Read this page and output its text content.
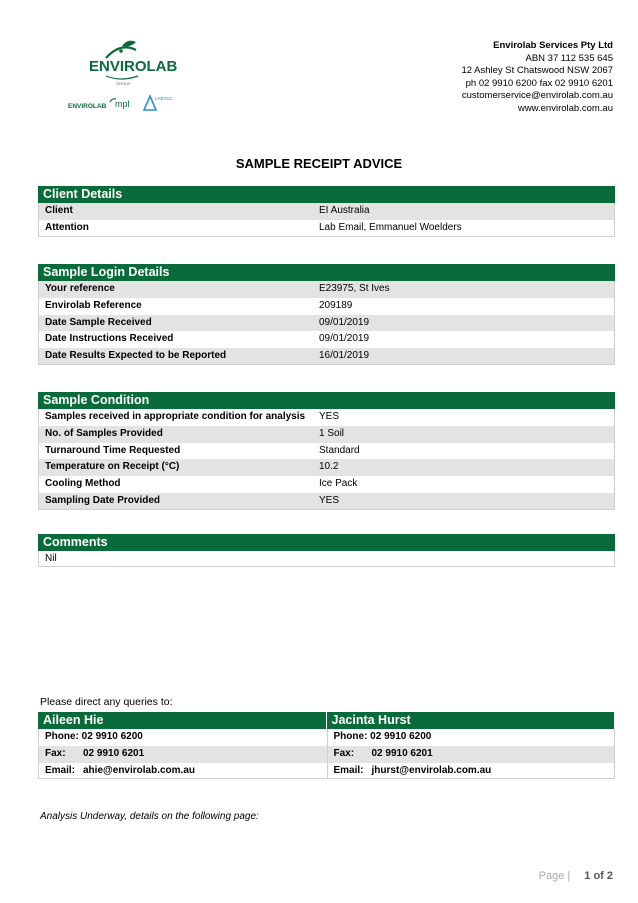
ENVIROLAB
GROUP
ENVIROLAB mpl
LABTEC
Envirolab Services Pty Ltd
ABN 37 112 535 645
12 Ashley St Chatswood NSW 2067
ph 02 9910 6200 fax 02 9910 6201
customerservice@envirolab.com.au
www.envirolab.com.au
SAMPLE RECEIPT ADVICE
Client Details
Client	EI Australia
Attention	Lab Email, Emmanuel Woelders
Sample Login Details
Your reference	E23975, St Ives
Envirolab Reference	209189
Date Sample Received	09/01/2019
Date Instructions Received	09/01/2019
Date Results Expected to be Reported	16/01/2019
Sample Condition
Samples received in appropriate condition for analysis	YES
No. of Samples Provided	1 Soil
Turnaround Time Requested	Standard
Temperature on Receipt (°C)	10.2
Cooling Method	Ice Pack
Sampling Date Provided	YES
Comments
Nil
Please direct any queries to:
Aileen Hie
Phone: 02 9910 6200
Fax: 02 9910 6201
Email: ahie@envirolab.com.au
Jacinta Hurst
Phone: 02 9910 6200
Fax: 02 9910 6201
Email: jhurst@envirolab.com.au
Analysis Underway, details on the following page:
Page | 1 of 2
